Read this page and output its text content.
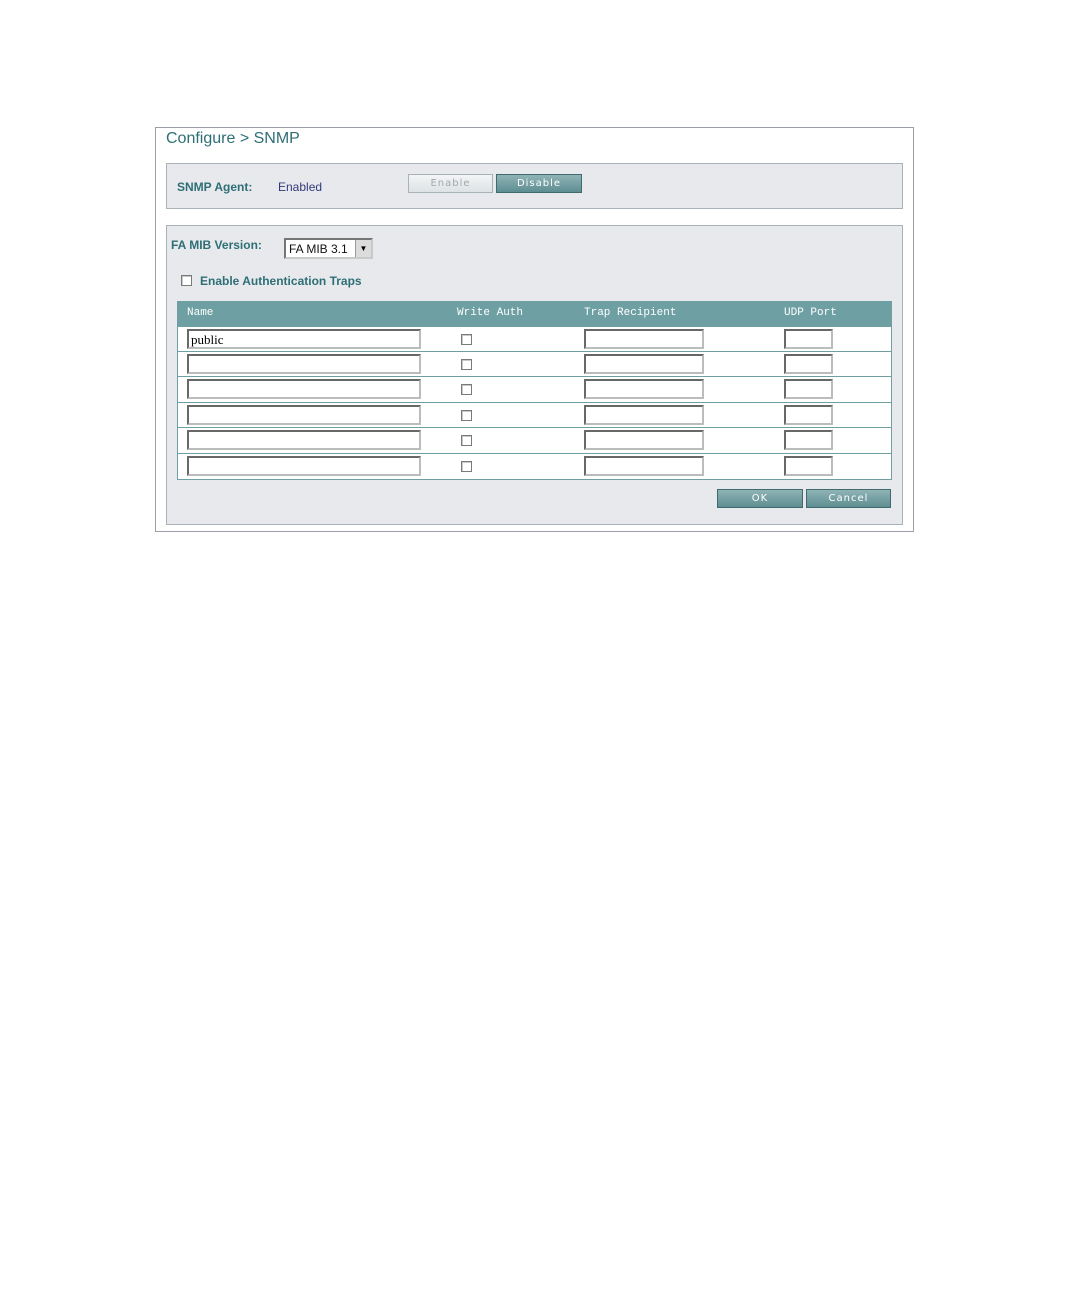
Configure > SNMP
SNMP Agent: Enabled	Enable	Disable
FA MIB Version: FA MIB 3.1	▼
Enable Authentication Traps
Name	Write Auth	Trap Recipient	UDP Port
public
OK	Cancel
